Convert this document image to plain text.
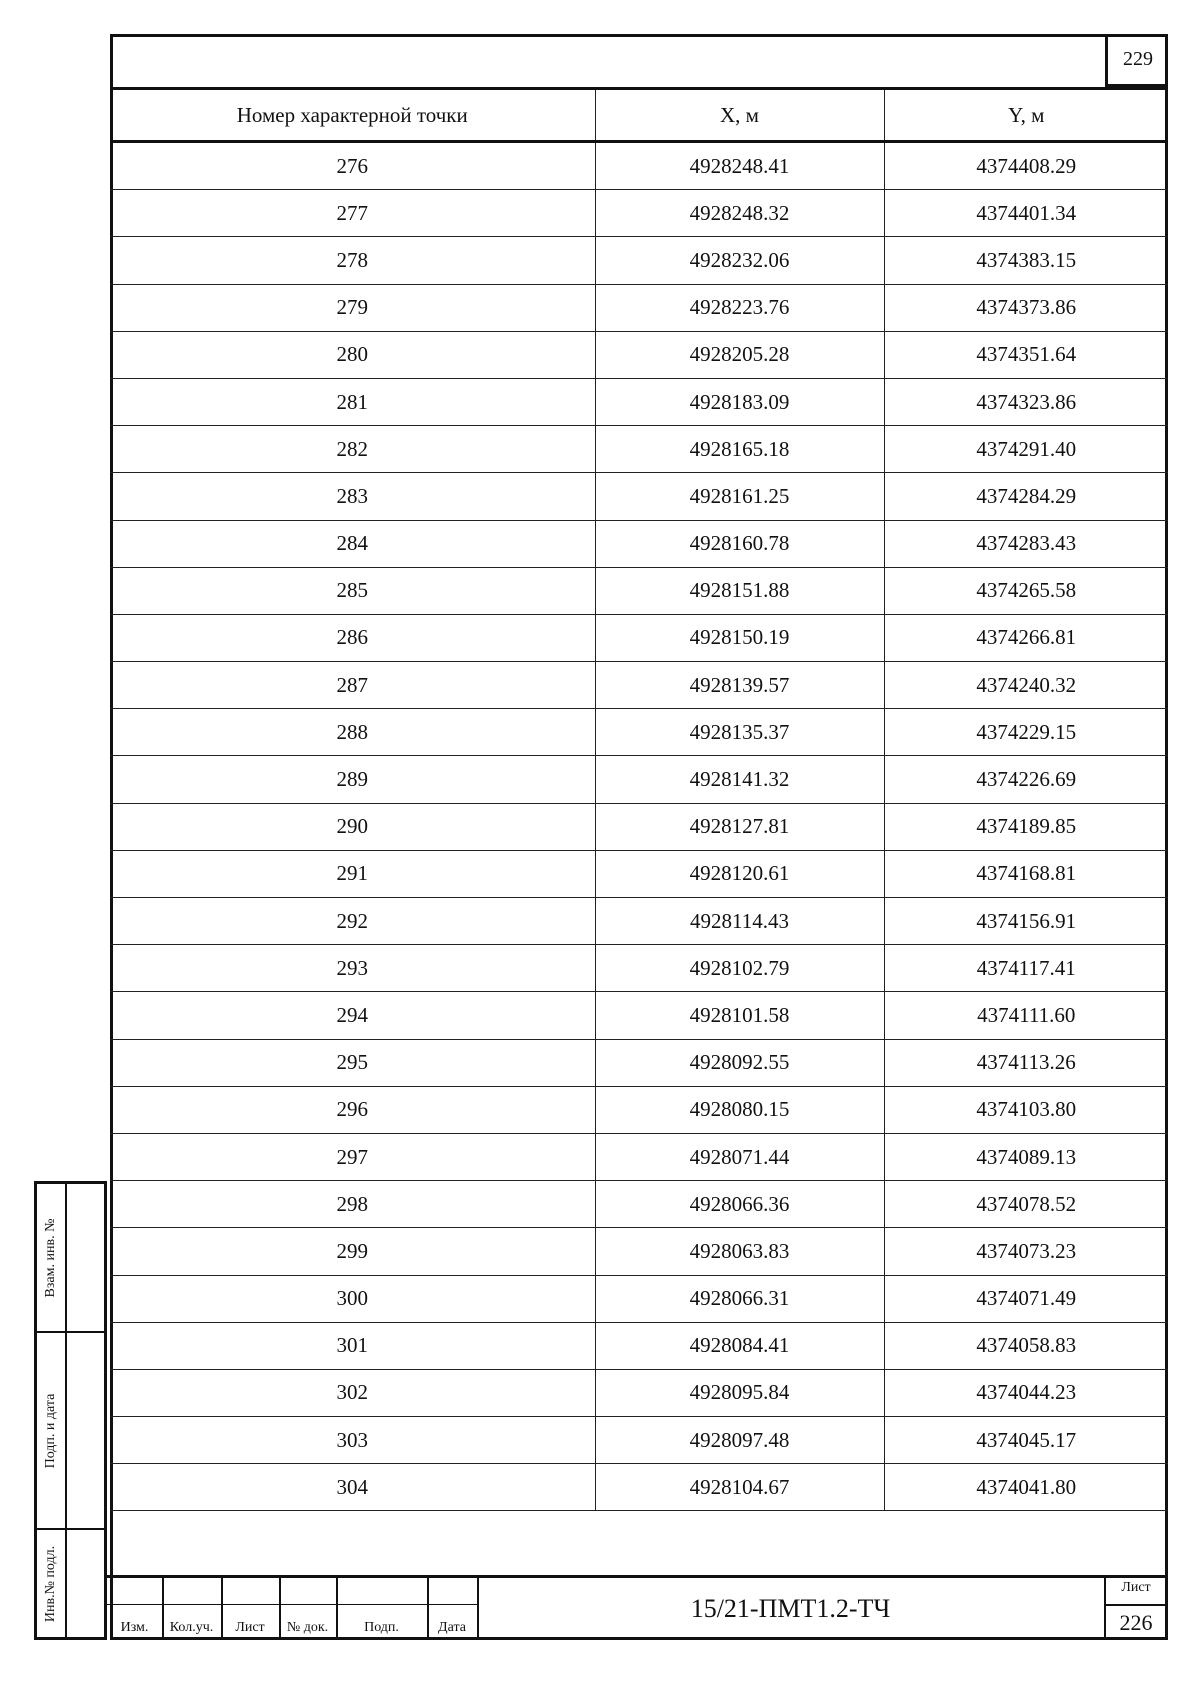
229
Номер характерной точки	X, м	Y, м
276	4928248.41	4374408.29
277	4928248.32	4374401.34
278	4928232.06	4374383.15
279	4928223.76	4374373.86
280	4928205.28	4374351.64
281	4928183.09	4374323.86
282	4928165.18	4374291.40
283	4928161.25	4374284.29
284	4928160.78	4374283.43
285	4928151.88	4374265.58
286	4928150.19	4374266.81
287	4928139.57	4374240.32
288	4928135.37	4374229.15
289	4928141.32	4374226.69
290	4928127.81	4374189.85
291	4928120.61	4374168.81
292	4928114.43	4374156.91
293	4928102.79	4374117.41
294	4928101.58	4374111.60
295	4928092.55	4374113.26
296	4928080.15	4374103.80
297	4928071.44	4374089.13
298	4928066.36	4374078.52
299	4928063.83	4374073.23
300	4928066.31	4374071.49
301	4928084.41	4374058.83
302	4928095.84	4374044.23
303	4928097.48	4374045.17
304	4928104.67	4374041.80
Взам. инв. №
Подп. и дата
Инв.№ подл.
Изм.	Кол.уч.	Лист	№ док.	Подп.	Дата
15/21-ПМТ1.2-ТЧ
Лист
226
